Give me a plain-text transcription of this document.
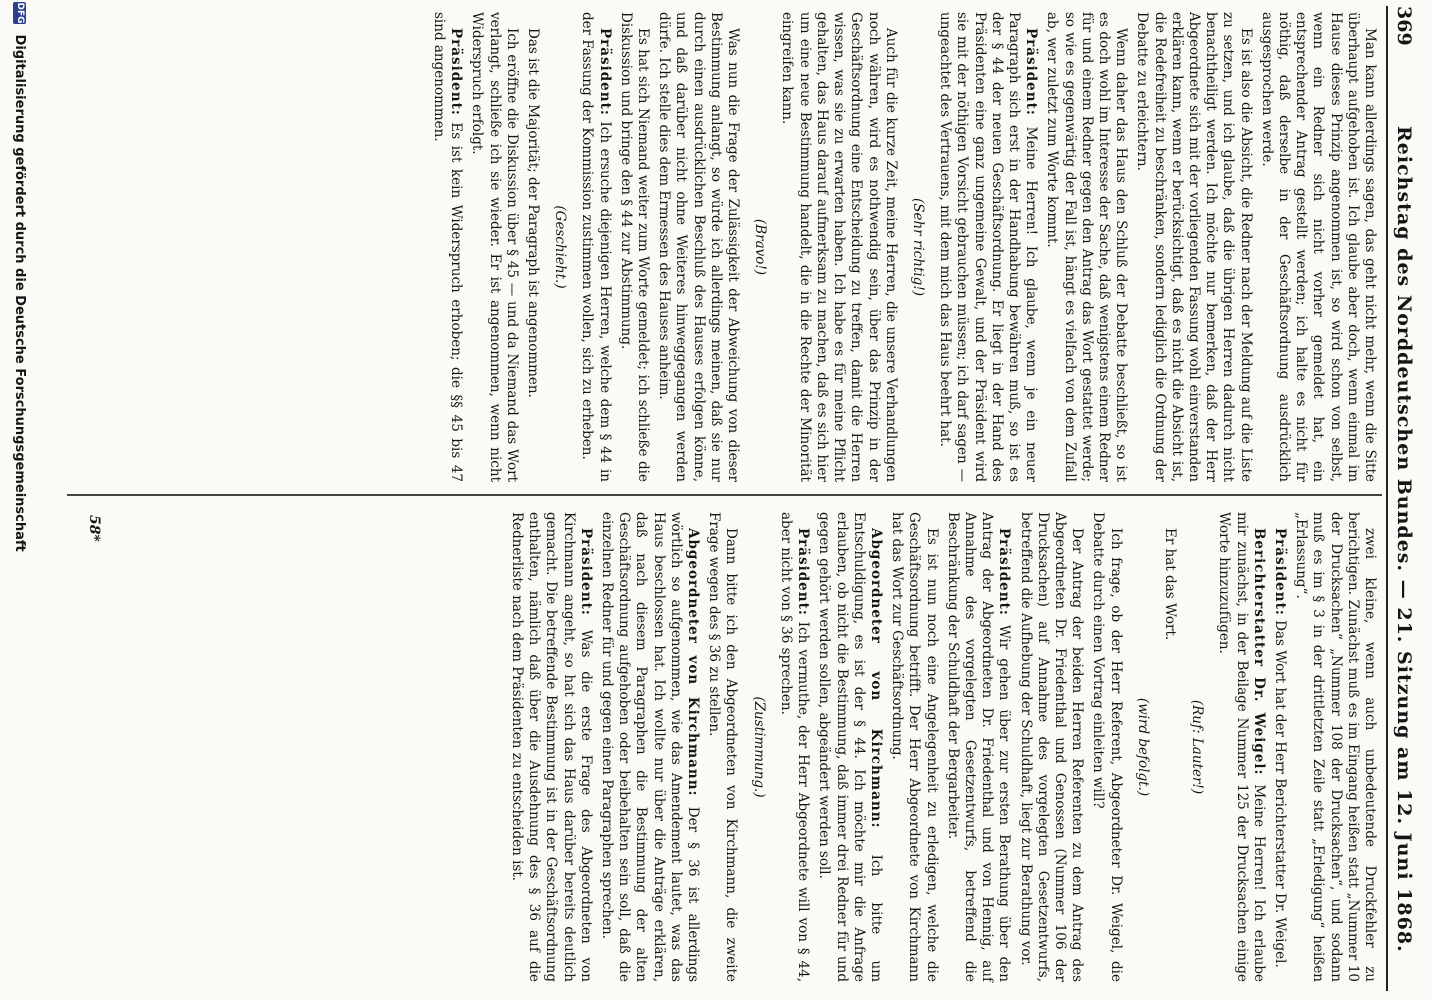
369
Reichstag des Norddeutschen Bundes. — 21. Sitzung am 12. Juni 1868.

Man kann allerdings sagen, das geht nicht mehr, wenn die Sitte überhaupt aufgehoben ist. Ich glaube aber doch, wenn einmal im Hause dieses Prinzip angenommen ist, so wird schon von selbst, wenn ein Redner sich nicht vorher gemeldet hat, ein entsprechender Antrag gestellt werden; ich halte es nicht für nöthig, daß derselbe in der Geschäftsordnung ausdrücklich ausgesprochen werde.

Es ist also die Absicht, die Redner nach der Meldung auf die Liste zu setzen, und ich glaube, daß die übrigen Herren dadurch nicht benachtheiligt werden. Ich möchte nur bemerken, daß der Herr Abgeordnete sich mit der vorliegenden Fassung wohl einverstanden erklären kann, wenn er berücksichtigt, daß es nicht die Absicht ist, die Redefreiheit zu beschränken, sondern lediglich die Ordnung der Debatte zu erleichtern.

Wenn daher das Haus den Schluß der Debatte beschließt, so ist es doch wohl im Interesse der Sache, daß wenigstens einem Redner für und einem Redner gegen den Antrag das Wort gestattet werde; so wie es gegenwärtig der Fall ist, hängt es vielfach von dem Zufall ab, wer zuletzt zum Worte kommt.

Präsident: Meine Herren! Ich glaube, wenn je ein neuer Paragraph sich erst in der Handhabung bewähren muß, so ist es der § 44 der neuen Geschäftsordnung. Er liegt in der Hand des Präsidenten eine ganz ungemeine Gewalt, und der Präsident wird sie mit der nöthigen Vorsicht gebrauchen müssen; ich darf sagen — ungeachtet des Vertrauens, mit dem mich das Haus beehrt hat.

(Sehr richtig!)

Auch für die kurze Zeit, meine Herren, die unsere Verhandlungen noch währen, wird es nothwendig sein, über das Prinzip in der Geschäftsordnung eine Entscheidung zu treffen, damit die Herren wissen, was sie zu erwarten haben. Ich habe es für meine Pflicht gehalten, das Haus darauf aufmerksam zu machen, daß es sich hier um eine neue Bestimmung handelt, die in die Rechte der Minorität eingreifen kann.

(Bravo!)

Was nun die Frage der Zulässigkeit der Abweichung von dieser Bestimmung anlangt, so würde ich allerdings meinen, daß sie nur durch einen ausdrücklichen Beschluß des Hauses erfolgen könne, und daß darüber nicht ohne Weiteres hinweggegangen werden dürfe. Ich stelle dies dem Ermessen des Hauses anheim.

Es hat sich Niemand weiter zum Worte gemeldet; ich schließe die Diskussion und bringe den § 44 zur Abstimmung.

Präsident: Ich ersuche diejenigen Herren, welche dem § 44 in der Fassung der Kommission zustimmen wollen, sich zu erheben.

(Geschieht.)

Das ist die Majorität; der Paragraph ist angenommen.

Ich eröffne die Diskussion über § 45 — und da Niemand das Wort verlangt, schließe ich sie wieder. Er ist angenommen, wenn nicht Widerspruch erfolgt.

Präsident: Es ist kein Widerspruch erhoben; die §§ 45 bis 47 sind angenommen.

zwei kleine, wenn auch unbedeutende Druckfehler zu berichtigen. Zunächst muß es im Eingang heißen statt „Nummer 10 der Drucksachen“ „Nummer 108 der Drucksachen“, und sodann muß es im § 3 in der drittletzten Zeile statt „Erledigung“ heißen „Erlassung“.

Präsident: Das Wort hat der Herr Berichterstatter Dr. Weigel.

Berichterstatter Dr. Weigel: Meine Herren! Ich erlaube mir zunächst, in der Beilage Nummer 125 der Drucksachen einige Worte hinzuzufügen.

(Ruf: Lauter!)

Er hat das Wort.

(wird befolgt.)

Ich frage, ob der Herr Referent, Abgeordneter Dr. Weigel, die Debatte durch einen Vortrag einleiten will?

Der Antrag der beiden Herren Referenten zu dem Antrag des Abgeordneten Dr. Friedenthal und Genossen (Nummer 106 der Drucksachen) auf Annahme des vorgelegten Gesetzentwurfs, betreffend die Aufhebung der Schuldhaft, liegt zur Berathung vor.

Präsident: Wir gehen über zur ersten Berathung über den Antrag der Abgeordneten Dr. Friedenthal und von Hennig, auf Annahme des vorgelegten Gesetzentwurfs, betreffend die Beschränkung der Schuldhaft der Bergarbeiter.

Es ist nun noch eine Angelegenheit zu erledigen, welche die Geschäftsordnung betrifft. Der Herr Abgeordnete von Kirchmann hat das Wort zur Geschäftsordnung.

Abgeordneter von Kirchmann: Ich bitte um Entschuldigung, es ist der § 44. Ich möchte mir die Anfrage erlauben, ob nicht die Bestimmung, daß immer drei Redner für und gegen gehört werden sollen, abgeändert werden soll.

Präsident: Ich vermuthe, der Herr Abgeordnete will von § 44, aber nicht von § 36 sprechen.

(Zustimmung.)

Dann bitte ich den Abgeordneten von Kirchmann, die zweite Frage wegen des § 36 zu stellen.

Abgeordneter von Kirchmann: Der § 36 ist allerdings wörtlich so aufgenommen, wie das Amendement lautet, was das Haus beschlossen hat. Ich wollte nur über die Anträge erklären, daß nach diesem Paragraphen die Bestimmung der alten Geschäftsordnung aufgehoben oder beibehalten sein soll, daß die einzelnen Redner für und gegen einen Paragraphen sprechen.

Präsident: Was die erste Frage des Abgeordneten von Kirchmann angeht, so hat sich das Haus darüber bereits deutlich gemacht. Die betreffende Bestimmung ist in der Geschäftsordnung enthalten, nämlich daß über die Ausdehnung des § 36 auf die Rednerliste nach dem Präsidenten zu entscheiden ist.

58*
DFG Digitalisierung gefördert durch die Deutsche Forschungsgemeinschaft
